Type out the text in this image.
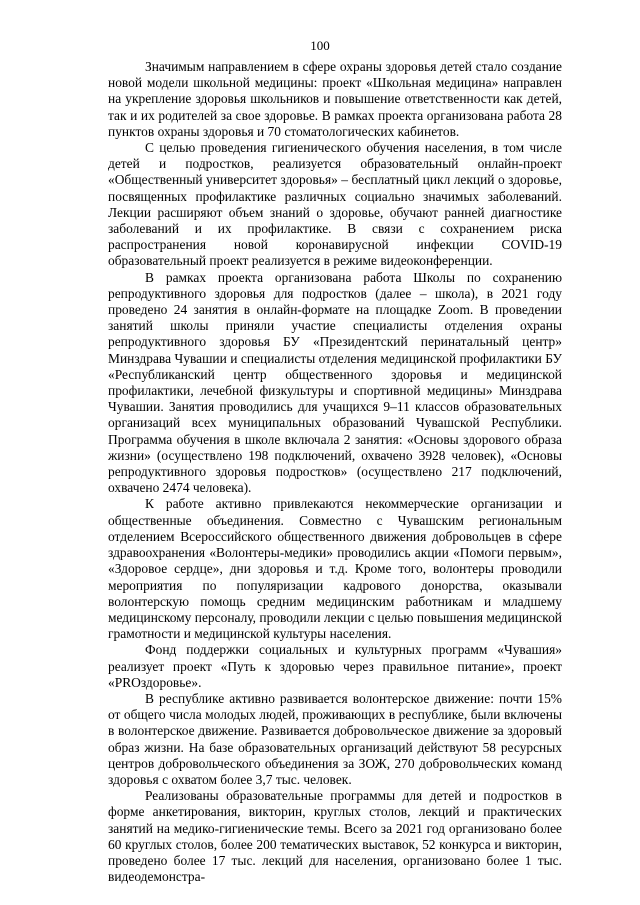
100

Значимым направлением в сфере охраны здоровья детей стало создание новой модели школьной медицины: проект «Школьная медицина» направлен на укрепление здоровья школьников и повышение ответственности как детей, так и их родителей за свое здоровье. В рамках проекта организована работа 28 пунктов охраны здоровья и 70 стоматологических кабинетов.

С целью проведения гигиенического обучения населения, в том числе детей и подростков, реализуется образовательный онлайн-проект «Общественный университет здоровья» – бесплатный цикл лекций о здоровье, посвященных профилактике различных социально значимых заболеваний. Лекции расширяют объем знаний о здоровье, обучают ранней диагностике заболеваний и их профилактике. В связи с сохранением риска распространения новой коронавирусной инфекции COVID-19 образовательный проект реализуется в режиме видеоконференции.

В рамках проекта организована работа Школы по сохранению репродуктивного здоровья для подростков (далее – школа), в 2021 году проведено 24 занятия в онлайн-формате на площадке Zoom. В проведении занятий школы приняли участие специалисты отделения охраны репродуктивного здоровья БУ «Президентский перинатальный центр» Минздрава Чувашии и специалисты отделения медицинской профилактики БУ «Республиканский центр общественного здоровья и медицинской профилактики, лечебной физкультуры и спортивной медицины» Минздрава Чувашии. Занятия проводились для учащихся 9–11 классов образовательных организаций всех муниципальных образований Чувашской Республики. Программа обучения в школе включала 2 занятия: «Основы здорового образа жизни» (осуществлено 198 подключений, охвачено 3928 человек), «Основы репродуктивного здоровья подростков» (осуществлено 217 подключений, охвачено 2474 человека).

К работе активно привлекаются некоммерческие организации и общественные объединения. Совместно с Чувашским региональным отделением Всероссийского общественного движения добровольцев в сфере здравоохранения «Волонтеры-медики» проводились акции «Помоги первым», «Здоровое сердце», дни здоровья и т.д. Кроме того, волонтеры проводили мероприятия по популяризации кадрового донорства, оказывали волонтерскую помощь средним медицинским работникам и младшему медицинскому персоналу, проводили лекции с целью повышения медицинской грамотности и медицинской культуры населения.

Фонд поддержки социальных и культурных программ «Чувашия» реализует проект «Путь к здоровью через правильное питание», проект «PROздоровье».

В республике активно развивается волонтерское движение: почти 15% от общего числа молодых людей, проживающих в республике, были включены в волонтерское движение. Развивается добровольческое движение за здоровый образ жизни. На базе образовательных организаций действуют 58 ресурсных центров добровольческого объединения за ЗОЖ, 270 добровольческих команд здоровья с охватом более 3,7 тыс. человек.

Реализованы образовательные программы для детей и подростков в форме анкетирования, викторин, круглых столов, лекций и практических занятий на медико-гигиенические темы. Всего за 2021 год организовано более 60 круглых столов, более 200 тематических выставок, 52 конкурса и викторин, проведено более 17 тыс. лекций для населения, организовано более 1 тыс. видеодемонстра-
